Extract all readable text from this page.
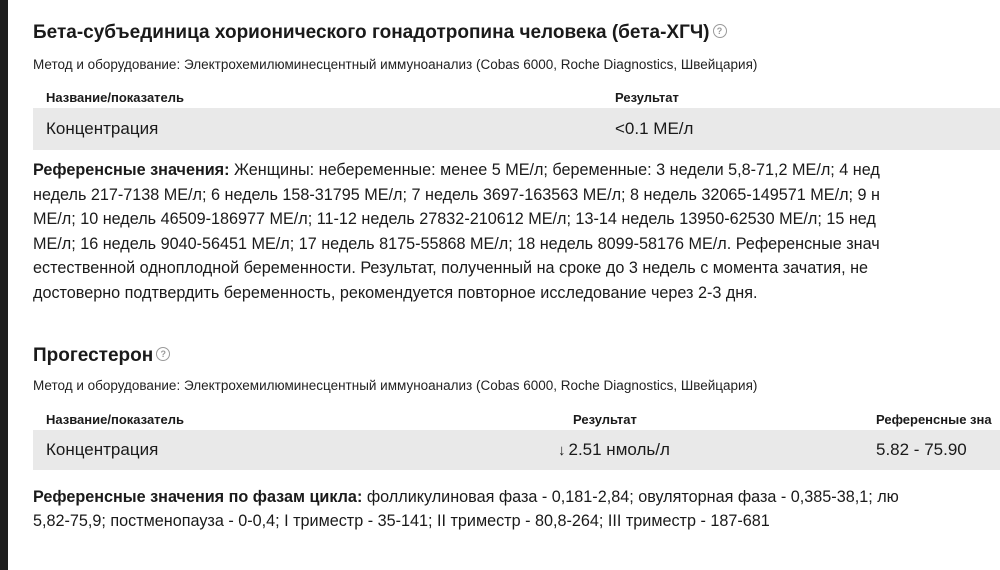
Бета-субъединица хорионического гонадотропина человека (бета-ХГЧ) ?
Метод и оборудование: Электрохемилюминесцентный иммуноанализ (Cobas 6000, Roche Diagnostics, Швейцария)
Название/показатель	Результат
Концентрация	<0.1 МЕ/л
Референсные значения: Женщины: небеременные: менее 5 МЕ/л; беременные: 3 недели 5,8-71,2 МЕ/л; 4 нед
недель 217-7138 МЕ/л; 6 недель 158-31795 МЕ/л; 7 недель 3697-163563 МЕ/л; 8 недель 32065-149571 МЕ/л; 9 н
МЕ/л; 10 недель 46509-186977 МЕ/л; 11-12 недель 27832-210612 МЕ/л; 13-14 недель 13950-62530 МЕ/л; 15 нед
МЕ/л; 16 недель 9040-56451 МЕ/л; 17 недель 8175-55868 МЕ/л; 18 недель 8099-58176 МЕ/л. Референсные знач
естественной одноплодной беременности. Результат, полученный на сроке до 3 недель с момента зачатия, не
достоверно подтвердить беременность, рекомендуется повторное исследование через 2-3 дня.
Прогестерон ?
Метод и оборудование: Электрохемилюминесцентный иммуноанализ (Cobas 6000, Roche Diagnostics, Швейцария)
Название/показатель	Результат	Референсные зна
Концентрация	↓ 2.51 нмоль/л	5.82 - 75.90
Референсные значения по фазам цикла: фолликулиновая фаза - 0,181-2,84; овуляторная фаза - 0,385-38,1; лю
5,82-75,9; постменопауза - 0-0,4; I триместр - 35-141; II триместр - 80,8-264; III триместр - 187-681
